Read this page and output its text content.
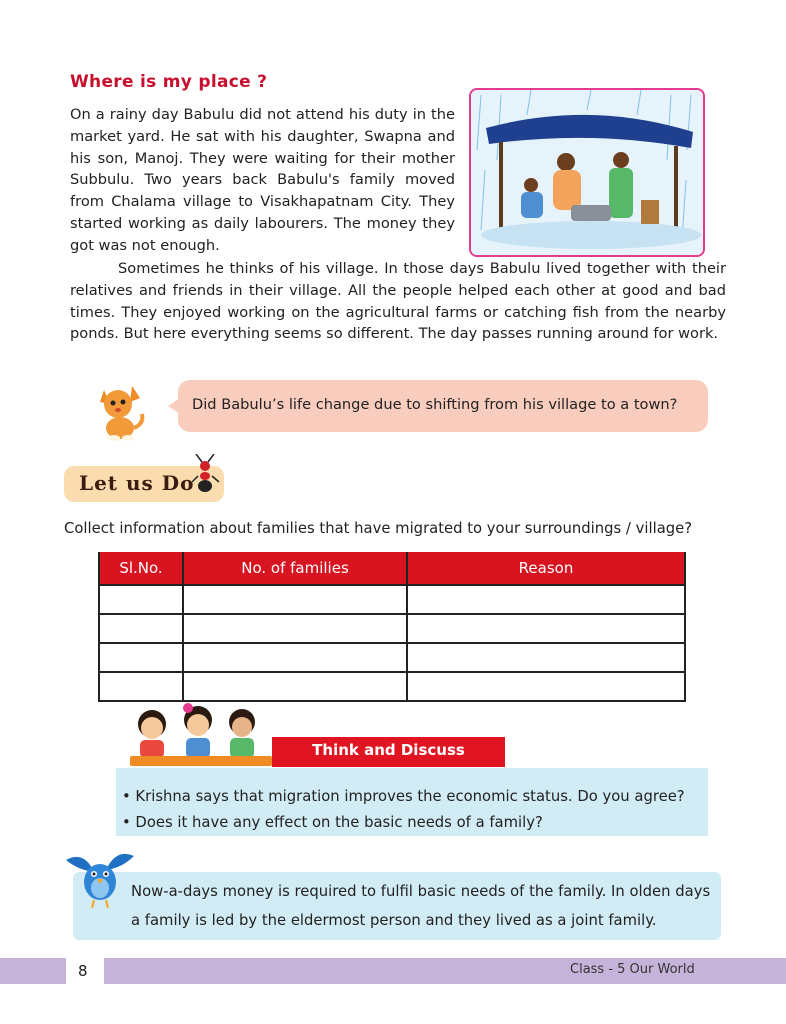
Where is my place ?
On a rainy day Babulu did not attend his duty in the market yard. He sat with his daughter, Swapna and his son, Manoj. They were waiting for their mother Subbulu. Two years back Babulu's family moved from Chalama village to Visakhapatnam City. They started working as daily labourers. The money they got was not enough.
Sometimes he thinks of his village. In those days Babulu lived together with their relatives and friends in their village. All the people helped each other at good and bad times. They enjoyed working on the agricultural farms or catching fish from the nearby ponds. But here everything seems so different. The day passes running around for work.
Did Babulu’s life change due to shifting from his village to a town?
Let us Do
Collect information about families that have migrated to your surroundings / village?
Sl.No.	No. of families	Reason

Think and Discuss
• Krishna says that migration improves the economic status. Do you agree?
• Does it have any effect on the basic needs of a family?
Now-a-days money is required to fulfil basic needs of the family. In olden days
a family is led by the eldermost person and they lived as a joint family.
8	Class - 5 Our World
